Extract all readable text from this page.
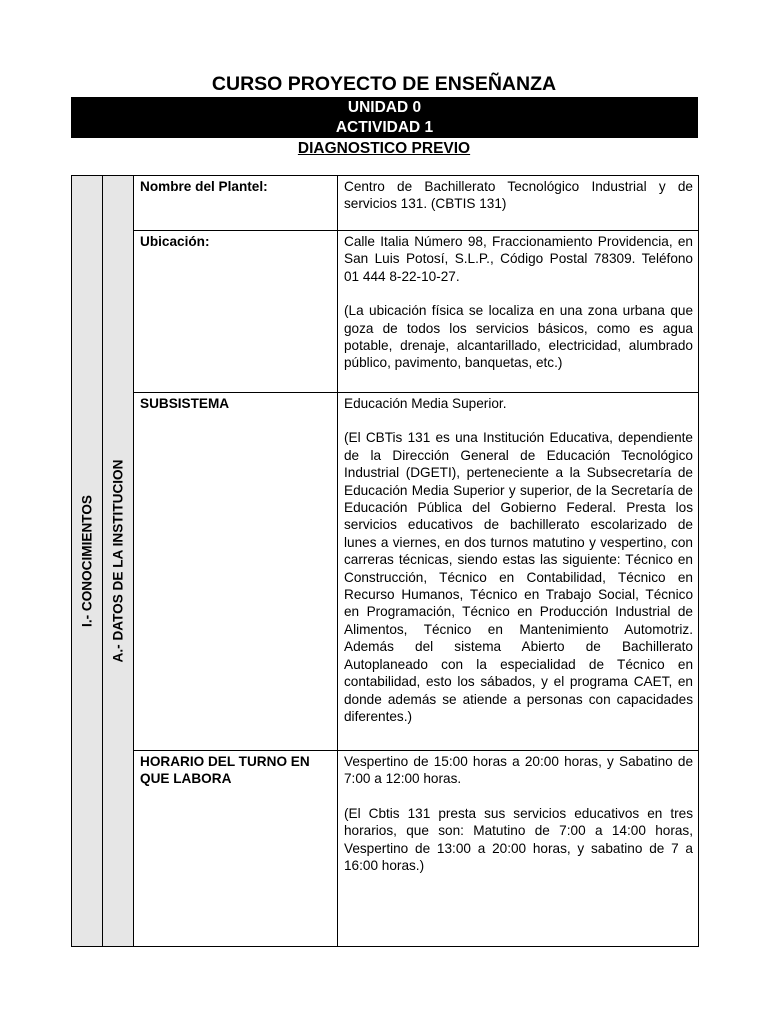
CURSO PROYECTO DE ENSEÑANZA
UNIDAD 0
ACTIVIDAD 1
DIAGNOSTICO PREVIO
I.- CONOCIMIENTOS	A.- DATOS DE LA INSTITUCION	Nombre del Plantel:	Centro de Bachillerato Tecnológico Industrial y de servicios 131. (CBTIS 131)

		Ubicación:	Calle Italia Número 98, Fraccionamiento Providencia, en San Luis Potosí, S.L.P., Código Postal 78309. Teléfono 01 444 8-22-10-27.

(La ubicación física se localiza en una zona urbana que goza de todos los servicios básicos, como es agua potable, drenaje, alcantarillado, electricidad, alumbrado público, pavimento, banquetas, etc.)

		SUBSISTEMA	Educación Media Superior.

(El CBTis 131 es una Institución Educativa, dependiente de la Dirección General de Educación Tecnológico Industrial (DGETI), perteneciente a la Subsecretaría de Educación Media Superior y superior, de la Secretaría de Educación Pública del Gobierno Federal. Presta los servicios educativos de bachillerato escolarizado de lunes a viernes, en dos turnos matutino y vespertino, con carreras técnicas, siendo estas las siguiente: Técnico en Construcción, Técnico en Contabilidad, Técnico en Recurso Humanos, Técnico en Trabajo Social, Técnico en Programación, Técnico en Producción Industrial de Alimentos, Técnico en Mantenimiento Automotriz. Además del sistema Abierto de Bachillerato Autoplaneado con la especialidad de Técnico en contabilidad, esto los sábados, y el programa CAET, en donde además se atiende a personas con capacidades diferentes.)

		HORARIO DEL TURNO EN QUE LABORA	Vespertino de 15:00 horas a 20:00 horas, y Sabatino de 7:00 a 12:00 horas.

(El Cbtis 131 presta sus servicios educativos en tres horarios, que son: Matutino de 7:00 a 14:00 horas, Vespertino de 13:00 a 20:00 horas, y sabatino de 7 a 16:00 horas.)
